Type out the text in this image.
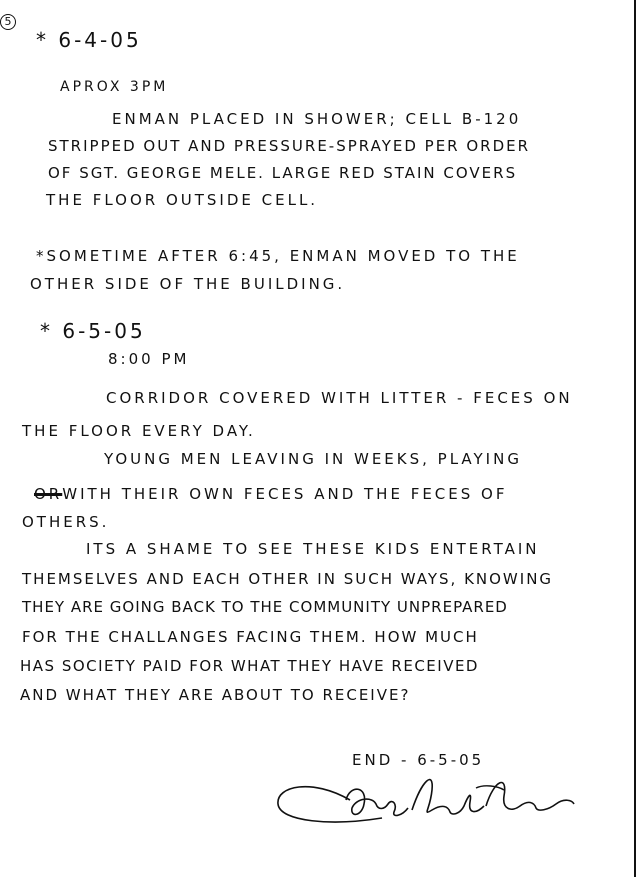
5
* 6-4-05
APROX 3PM
ENMAN PLACED IN SHOWER; CELL B-120
STRIPPED OUT AND PRESSURE-SPRAYED PER ORDER
OF SGT. GEORGE MELE. LARGE RED STAIN COVERS
THE FLOOR OUTSIDE CELL.
*SOMETIME AFTER 6:45, ENMAN MOVED TO THE
OTHER SIDE OF THE BUILDING.
* 6-5-05
8:00 PM
CORRIDOR COVERED WITH LITTER - FECES ON
THE FLOOR EVERY DAY.
YOUNG MEN LEAVING IN WEEKS, PLAYING
ORWITH THEIR OWN FECES AND THE FECES OF
OTHERS.
ITS A SHAME TO SEE THESE KIDS ENTERTAIN
THEMSELVES AND EACH OTHER IN SUCH WAYS, KNOWING
THEY ARE GOING BACK TO THE COMMUNITY UNPREPARED
FOR THE CHALLANGES FACING THEM. HOW MUCH
HAS SOCIETY PAID FOR WHAT THEY HAVE RECEIVED
AND WHAT THEY ARE ABOUT TO RECEIVE?
END - 6-5-05
